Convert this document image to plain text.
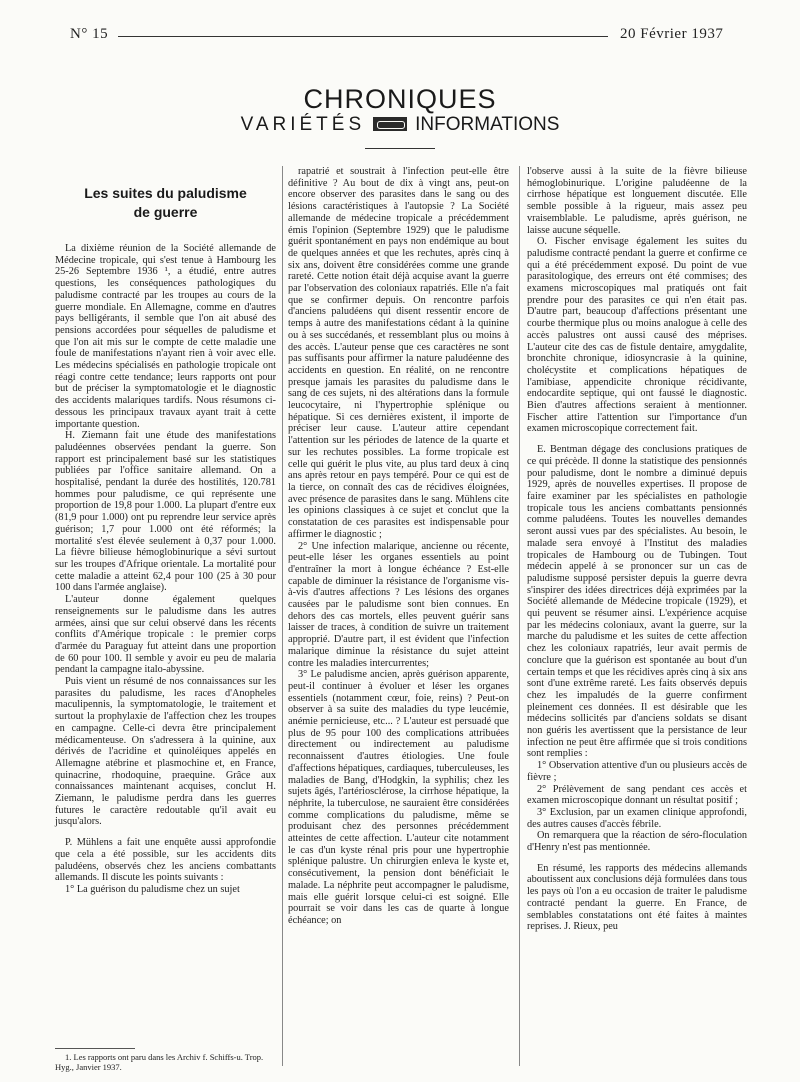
N° 15	20 Février 1937
CHRONIQUES
VARIÉTÉS	INFORMATIONS
Les suites du paludisme
de guerre

La dixième réunion de la Société allemande de Médecine tropicale, qui s'est tenue à Hambourg les 25-26 Septembre 1936 ¹, a étudié, entre autres questions, les conséquences pathologiques du paludisme contracté par les troupes au cours de la guerre mondiale. En Allemagne, comme en d'autres pays belligérants, il semble que l'on ait abusé des pensions accordées pour séquelles de paludisme et que l'on ait mis sur le compte de cette maladie une foule de manifestations n'ayant rien à voir avec elle. Les médecins spécialisés en pathologie tropicale ont réagi contre cette tendance; leurs rapports ont pour but de préciser la symptomatologie et le diagnostic des accidents malariques tardifs. Nous résumons ci-dessous les principaux travaux ayant trait à cette importante question.

H. Ziemann fait une étude des manifestations paludéennes observées pendant la guerre. Son rapport est principalement basé sur les statistiques publiées par l'office sanitaire allemand. On a hospitalisé, pendant la durée des hostilités, 120.781 hommes pour paludisme, ce qui représente une proportion de 19,8 pour 1.000. La plupart d'entre eux (81,9 pour 1.000) ont pu reprendre leur service après guérison; 1,7 pour 1.000 ont été réformés; la mortalité s'est élevée seulement à 0,37 pour 1.000. La fièvre bilieuse hémoglobinurique a sévi surtout sur les troupes d'Afrique orientale. La mortalité pour cette maladie a atteint 62,4 pour 100 (25 à 30 pour 100 dans l'armée anglaise).

L'auteur donne également quelques renseignements sur le paludisme dans les autres armées, ainsi que sur celui observé dans les récents conflits d'Amérique tropicale : le premier corps d'armée du Paraguay fut atteint dans une proportion de 60 pour 100. Il semble y avoir eu peu de malaria pendant la campagne italo-abyssine.

Puis vient un résumé de nos connaissances sur les parasites du paludisme, les races d'Anopheles maculipennis, la symptomatologie, le traitement et surtout la prophylaxie de l'affection chez les troupes en campagne. Celle-ci devra être principalement médicamenteuse. On s'adressera à la quinine, aux dérivés de l'acridine et quinoléiques appelés en Allemagne atébrine et plasmochine et, en France, quinacrine, rhodoquine, praequine. Grâce aux connaissances maintenant acquises, conclut H. Ziemann, le paludisme perdra dans les guerres futures le caractère redoutable qu'il avait eu jusqu'alors.

P. Mühlens a fait une enquête aussi approfondie que cela a été possible, sur les accidents dits paludéens, observés chez les anciens combattants allemands. Il discute les points suivants :

1° La guérison du paludisme chez un sujet

1. Les rapports ont paru dans les Archiv f. Schiffs-u. Trop. Hyg., Janvier 1937.

rapatrié et soustrait à l'infection peut-elle être définitive ? Au bout de dix à vingt ans, peut-on encore observer des parasites dans le sang ou des lésions caractéristiques à l'autopsie ? La Société allemande de médecine tropicale a précédemment émis l'opinion (Septembre 1929) que le paludisme guérit spontanément en pays non endémique au bout de quelques années et que les rechutes, après cinq à six ans, doivent être considérées comme une grande rareté. Cette notion était déjà acquise avant la guerre par l'observation des coloniaux rapatriés. Elle n'a fait que se confirmer depuis. On rencontre parfois d'anciens paludéens qui disent ressentir encore de temps à autre des manifestations cédant à la quinine ou à ses succédanés, et ressemblant plus ou moins à des accès. L'auteur pense que ces caractères ne sont pas suffisants pour affirmer la nature paludéenne des accidents en question. En réalité, on ne rencontre presque jamais les parasites du paludisme dans le sang de ces sujets, ni des altérations dans la formule leucocytaire, ni l'hypertrophie splénique ou hépatique. Si ces dernières existent, il importe de préciser leur cause. L'auteur attire cependant l'attention sur les périodes de latence de la quarte et sur les rechutes possibles. La forme tropicale est celle qui guérit le plus vite, au plus tard deux à cinq ans après retour en pays tempéré. Pour ce qui est de la tierce, on connaît des cas de récidives éloignées, avec présence de parasites dans le sang. Mühlens cite les opinions classiques à ce sujet et conclut que la constatation de ces parasites est indispensable pour affirmer le diagnostic ;

2° Une infection malarique, ancienne ou récente, peut-elle léser les organes essentiels au point d'entraîner la mort à longue échéance ? Est-elle capable de diminuer la résistance de l'organisme vis-à-vis d'autres affections ? Les lésions des organes causées par le paludisme sont bien connues. En dehors des cas mortels, elles peuvent guérir sans laisser de traces, à condition de suivre un traitement approprié. D'autre part, il est évident que l'infection malarique diminue la résistance du sujet atteint contre les maladies intercurrentes;

3° Le paludisme ancien, après guérison apparente, peut-il continuer à évoluer et léser les organes essentiels (notamment cœur, foie, reins) ? Peut-on observer à sa suite des maladies du type leucémie, anémie pernicieuse, etc... ? L'auteur est persuadé que plus de 95 pour 100 des complications attribuées directement ou indirectement au paludisme reconnaissent d'autres étiologies. Une foule d'affections hépatiques, cardiaques, tuberculeuses, les maladies de Bang, d'Hodgkin, la syphilis; chez les sujets âgés, l'artériosclérose, la cirrhose hépatique, la néphrite, la tuberculose, ne sauraient être considérées comme complications du paludisme, même se produisant chez des personnes précédemment atteintes de cette affection. L'auteur cite notamment le cas d'un kyste rénal pris pour une hypertrophie splénique palustre. Un chirurgien enleva le kyste et, consécutivement, la pension dont bénéficiait le malade. La néphrite peut accompagner le paludisme, mais elle guérit lorsque celui-ci est soigné. Elle pourrait se voir dans les cas de quarte à longue échéance; on

l'observe aussi à la suite de la fièvre bilieuse hémoglobinurique. L'origine paludéenne de la cirrhose hépatique est longuement discutée. Elle semble possible à la rigueur, mais assez peu vraisemblable. Le paludisme, après guérison, ne laisse aucune séquelle.

O. Fischer envisage également les suites du paludisme contracté pendant la guerre et confirme ce qui a été précédemment exposé. Du point de vue parasitologique, des erreurs ont été commises; des examens microscopiques mal pratiqués ont fait prendre pour des parasites ce qui n'en était pas. D'autre part, beaucoup d'affections présentant une courbe thermique plus ou moins analogue à celle des accès palustres ont aussi causé des méprises. L'auteur cite des cas de fistule dentaire, amygdalite, bronchite chronique, idiosyncrasie à la quinine, cholécystite et complications hépatiques de l'amibiase, appendicite chronique récidivante, endocardite septique, qui ont faussé le diagnostic. Bien d'autres affections seraient à mentionner. Fischer attire l'attention sur l'importance d'un examen microscopique correctement fait.

E. Bentman dégage des conclusions pratiques de ce qui précède. Il donne la statistique des pensionnés pour paludisme, dont le nombre a diminué depuis 1929, après de nouvelles expertises. Il propose de faire examiner par les spécialistes en pathologie tropicale tous les anciens combattants pensionnés comme paludéens. Toutes les nouvelles demandes seront aussi vues par des spécialistes. Au besoin, le malade sera envoyé à l'Institut des maladies tropicales de Hambourg ou de Tubingen. Tout médecin appelé à se prononcer sur un cas de paludisme supposé persister depuis la guerre devra s'inspirer des idées directrices déjà exprimées par la Société allemande de Médecine tropicale (1929), et qui peuvent se résumer ainsi. L'expérience acquise par les médecins coloniaux, avant la guerre, sur la marche du paludisme et les suites de cette affection chez les coloniaux rapatriés, leur avait permis de conclure que la guérison est spontanée au bout d'un certain temps et que les récidives après cinq à six ans sont d'une extrême rareté. Les faits observés depuis chez les impaludés de la guerre confirment pleinement ces données. Il est désirable que les médecins sollicités par d'anciens soldats se disant non guéris les avertissent que la persistance de leur infection ne peut être affirmée que si trois conditions sont remplies :

1° Observation attentive d'un ou plusieurs accès de fièvre ;

2° Prélèvement de sang pendant ces accès et examen microscopique donnant un résultat positif ;

3° Exclusion, par un examen clinique approfondi, des autres causes d'accès fébrile.

On remarquera que la réaction de séro-floculation d'Henry n'est pas mentionnée.

En résumé, les rapports des médecins allemands aboutissent aux conclusions déjà formulées dans tous les pays où l'on a eu occasion de traiter le paludisme contracté pendant la guerre. En France, de semblables constatations ont été faites à maintes reprises. J. Rieux, peu
